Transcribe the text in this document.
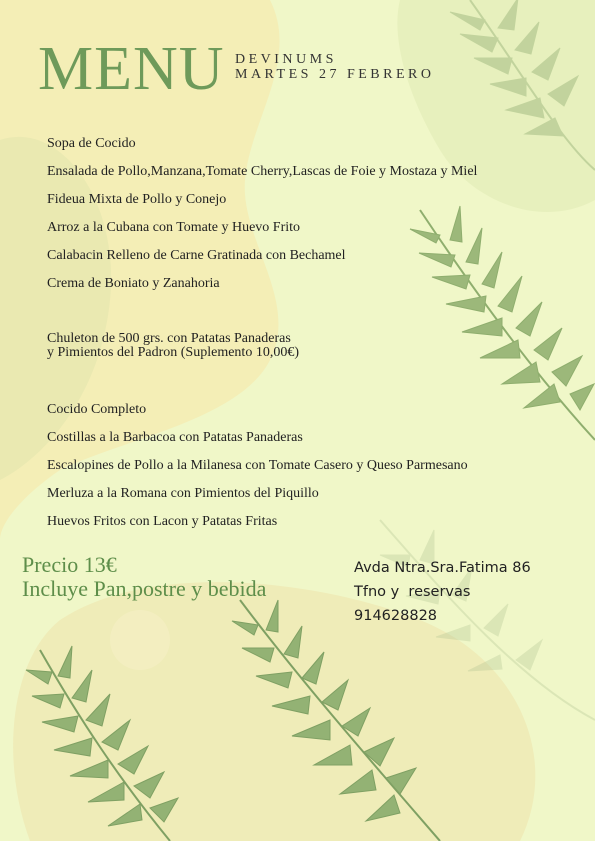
MENU DEVINUMS
MARTES 27 FEBRERO
Sopa de Cocido
Ensalada de Pollo,Manzana,Tomate Cherry,Lascas de Foie y Mostaza y Miel
Fideua Mixta de Pollo y Conejo
Arroz a la Cubana con Tomate y Huevo Frito
Calabacin Relleno de Carne Gratinada con Bechamel
Crema de Boniato y Zanahoria
Chuleton de 500 grs. con Patatas Panaderas
y Pimientos del Padron (Suplemento 10,00€)
Cocido Completo
Costillas a la Barbacoa con Patatas Panaderas
Escalopines de Pollo a la Milanesa con Tomate Casero y Queso Parmesano
Merluza a la Romana con Pimientos del Piquillo
Huevos Fritos con Lacon y Patatas Fritas
Precio 13€
Incluye Pan,postre y bebida
Avda Ntra.Sra.Fatima 86
Tfno y  reservas
914628828
